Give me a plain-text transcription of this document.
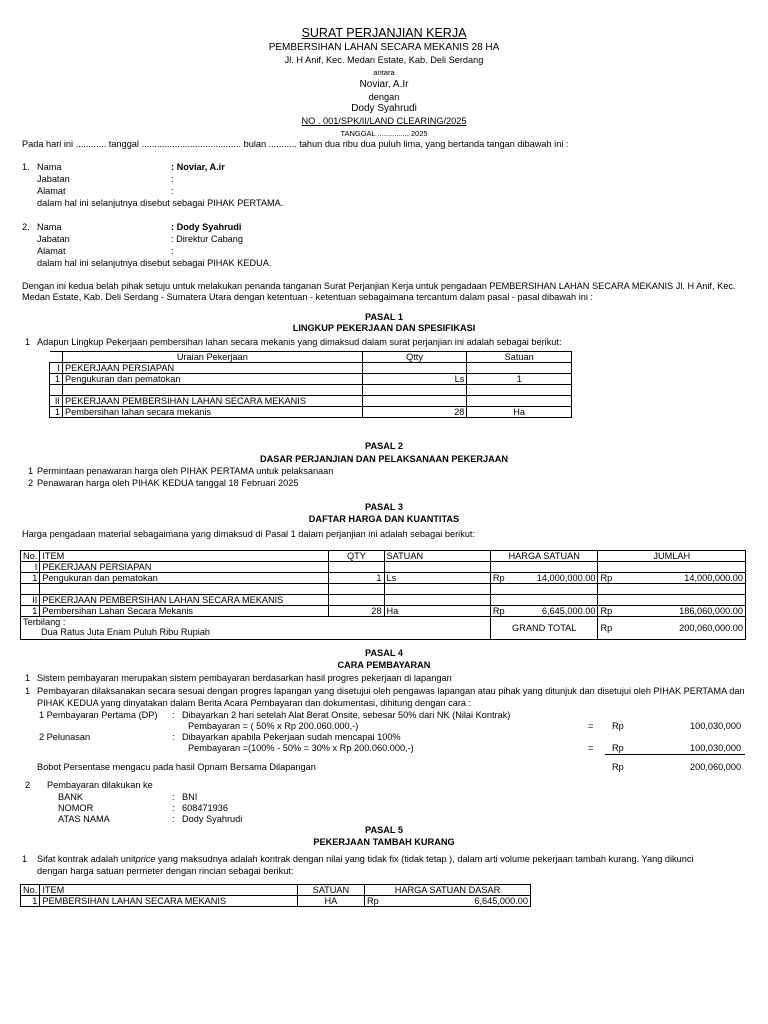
SURAT PERJANJIAN KERJA
PEMBERSIHAN LAHAN SECARA MEKANIS 28 HA
Jl. H Anif, Kec. Medan Estate, Kab. Deli Serdang
antara
Noviar, A.Ir
dengan
Dody Syahrudi
NO . 001/SPK/II/LAND CLEARING/2025
TANGGAL ............... 2025
Pada hari ini ............ tanggal ....................................... bulan ........... tahun dua ribu dua puluh lima, yang bertanda tangan dibawah ini :
1. Nama	: Noviar, A.ir
Jabatan	:
Alamat	:
dalam hal ini selanjutnya disebut sebagai PIHAK PERTAMA.
2. Nama	: Dody Syahrudi
Jabatan	: Direktur Cabang
Alamat	:
dalam hal ini selanjutnya disebut sebagai PIHAK KEDUA.
Dengan ini kedua belah pihak setuju untuk melakukan penanda tanganan Surat Perjanjian Kerja untuk pengadaan PEMBERSIHAN LAHAN SECARA MEKANIS Jl. H Anif, Kec. Medan Estate, Kab. Deli Serdang - Sumatera Utara dengan ketentuan - ketentuan sebagaimana tercantum dalam pasal - pasal dibawah ini :
PASAL 1
LINGKUP PEKERJAAN DAN SPESIFIKASI
1 Adapun Lingkup Pekerjaan pembersihan lahan secara mekanis yang dimaksud dalam surat perjanjian ini adalah sebagai berikut:
	Uraian Pekerjaan	Qtty	Satuan
I	PEKERJAAN PERSIAPAN		
1	Pengukuran dan pematokan	Ls	1

II	PEKERJAAN PEMBERSIHAN LAHAN SECARA MEKANIS		
1	Pembersihan lahan secara mekanis	28	Ha
PASAL 2
DASAR PERJANJIAN DAN PELAKSANAAN PEKERJAAN
1 Permintaan penawaran harga oleh PIHAK PERTAMA untuk pelaksanaan
2 Penawaran harga oleh PIHAK KEDUA tanggal 18 Februari 2025
PASAL 3
DAFTAR HARGA DAN KUANTITAS
Harga pengadaan material sebagaimana yang dimaksud di Pasal 1 dalam perjanjian ini adalah sebagai berikut:
No.	ITEM	QTY	SATUAN	HARGA SATUAN		JUMLAH	
I	PEKERJAAN PERSIAPAN						
1	Pengukuran dan pematokan	1	Ls	Rp	14,000,000.00	Rp	14,000,000.00

II	PEKERJAAN PEMBERSIHAN LAHAN SECARA MEKANIS						
1	Pembersihan Lahan Secara Mekanis	28	Ha	Rp	6,645,000.00	Rp	186,060,000.00

Terbilang :
Dua Ratus Juta Enam Puluh Ribu Rupiah				GRAND TOTAL		Rp	200,060,000.00
PASAL 4
CARA PEMBAYARAN
1 Sistem pembayaran merupakan sistem pembayaran berdasarkan hasil progres pekerjaan di lapangan
1 Pembayaran dilaksanakan secara sesuai dengan progres lapangan yang disetujui oleh pengawas lapangan atau pihak yang ditunjuk dan disetujui oleh PIHAK PERTAMA dan
PIHAK KEDUA yang dinyatakan dalam Berita Acara Pembayaran dan dokumentasi, dihitung dengan cara :
1 Pembayaran Pertama (DP) : Dibayarkan 2 hari setelah Alat Berat Onsite, sebesar 50% dari NK (Nilai Kontrak)
Pembayaran = ( 50% x Rp 200.060.000,-)	= Rp	100,030,000
2 Pelunasan	: Dibayarkan apabila Pekerjaan sudah mencapai 100%
Pembayaran =(100% - 50% = 30% x Rp 200.060.000,-)	= Rp	100,030,000
Bobot Persentase mengacu pada hasil Opnam Bersama Dilapangan	Rp	200,060,000
2 Pembayaran dilakukan ke
BANK	: BNI
NOMOR	: 608471936
ATAS NAMA	: Dody Syahrudi
PASAL 5
PEKERJAAN TAMBAH KURANG
1 Sifat kontrak adalah unitprice yang maksudnya adalah kontrak dengan nilai yang tidak fix (tidak tetap ), dalam arti volume pekerjaan tambah kurang. Yang dikunci
dengan harga satuan permeter dengan rincian sebagai berikut:
No.	ITEM	SATUAN	HARGA SATUAN DASAR	
1	PEMBERSIHAN LAHAN SECARA MEKANIS	HA	Rp	6,645,000.00
